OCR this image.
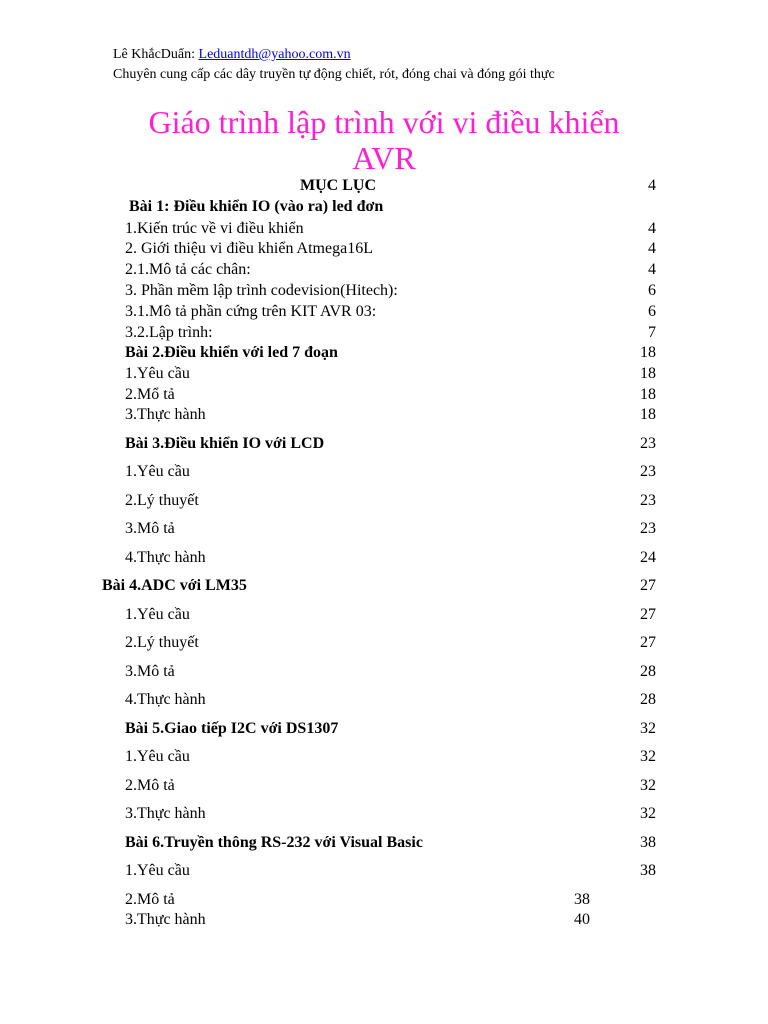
Lê KhắcDuẩn: Leduantdh@yahoo.com.vn
Chuyên cung cấp các dây truyền tự động chiết, rót, đóng chai và đóng gói thực
Giáo trình lập trình với vi điều khiển
AVR
MỤC LỤC	4
Bài 1: Điều khiển IO (vào ra) led đơn
1.Kiến trúc về vi điều khiển	4
2. Giới thiệu vi điều khiển Atmega16L	4
2.1.Mô tả các chân:	4
3. Phần mềm lập trình codevision(Hitech):	6
3.1.Mô tả phần cứng trên KIT AVR 03:	6
3.2.Lập trình:	7
Bài 2.Điều khiển với led 7 đoạn	18
1.Yêu cầu	18
2.Mổ tả	18
3.Thực hành	18
Bài 3.Điều khiển IO với LCD	23
1.Yêu cầu	23
2.Lý thuyết	23
3.Mô tả	23
4.Thực hành	24
Bài 4.ADC với LM35	27
1.Yêu cầu	27
2.Lý thuyết	27
3.Mô tả	28
4.Thực hành	28
Bài 5.Giao tiếp I2C với DS1307	32
1.Yêu cầu	32
2.Mô tả	32
3.Thực hành	32
Bài 6.Truyền thông RS-232 với Visual Basic	38
1.Yêu cầu	38
2.Mô tả	38
3.Thực hành	40
